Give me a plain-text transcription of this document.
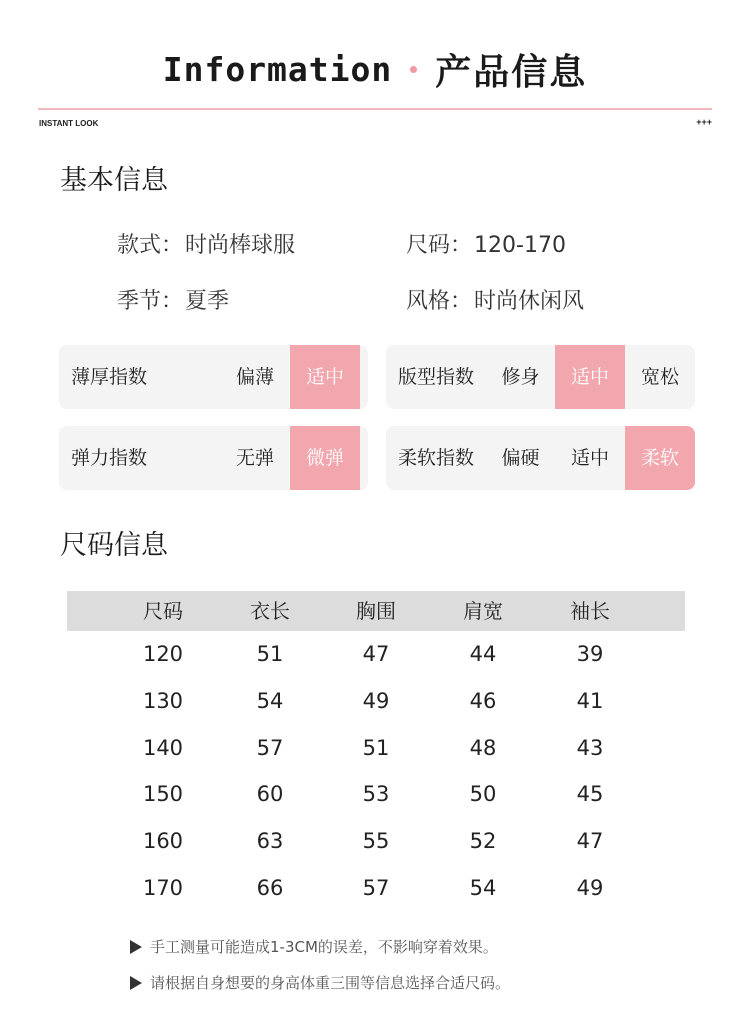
Information 产品信息
INSTANT LOOK	+++
基本信息
款式：时尚棒球服	尺码：120-170
季节：夏季	风格：时尚休闲风
薄厚指数	偏薄	适中	版型指数	修身	适中	宽松
弹力指数	无弹	微弹	柔软指数	偏硬	适中	柔软
尺码信息
尺码	衣长	胸围	肩宽	袖长
120	51	47	44	39
130	54	49	46	41
140	57	51	48	43
150	60	53	50	45
160	63	55	52	47
170	66	57	54	49
手工测量可能造成1-3CM的误差，不影响穿着效果。
请根据自身想要的身高体重三围等信息选择合适尺码。
